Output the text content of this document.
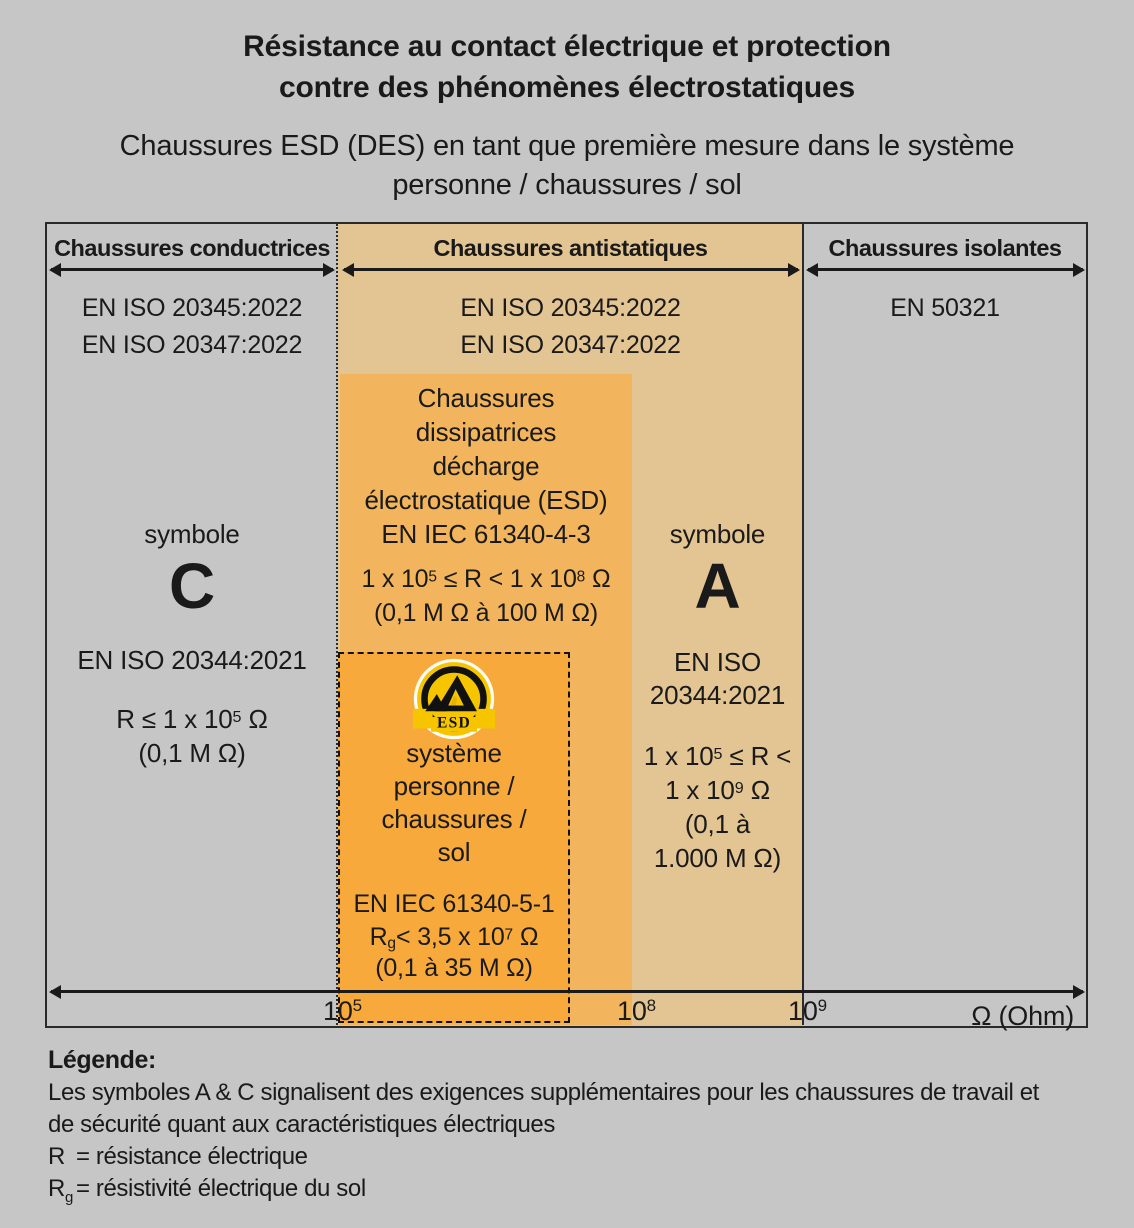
Résistance au contact électrique et protection
contre des phénomènes électrostatiques
Chaussures ESD (DES) en tant que première mesure dans le système
personne / chaussures / sol
Chaussures conductrices	Chaussures antistatiques	Chaussures isolantes
EN ISO 20345:2022
EN ISO 20347:2022
EN ISO 20345:2022
EN ISO 20347:2022
EN 50321
symbole
C
EN ISO 20344:2021
R ≤ 1 x $10^5$ Ω
(0,1 M Ω)
Chaussures
dissipatrices
décharge
électrostatique (ESD)
EN IEC 61340-4-3
1 x $10^5 \le R < 1$ x $10^8$ Ω
(0,1 M Ω à 100 M Ω)
symbole
A
EN ISO
20344:2021
1 x $10^5 \le R$ <
1 x $10^9$ Ω
(0,1 à
1.000 M Ω)
ESD
système
personne /
chaussures /
sol
EN IEC 61340-5-1
$R_g< 3,5$ x $10^7$ Ω
(0,1 à 35 M Ω)
$10^5$	$10^8$	$10^9$	Ω (Ohm)
Légende:
Les symboles A & C signalisent des exigences supplémentaires pour les chaussures de travail et
de sécurité quant aux caractéristiques électriques
R = résistance électrique
$R_g$ = résistivité électrique du sol
